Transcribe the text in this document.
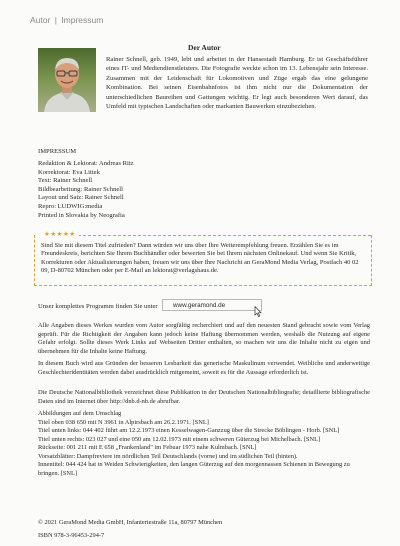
Autor | Impressum
Der Autor
Rainer Schnell, geb. 1949, lebt und arbeitet in der Hansestadt Hamburg. Er ist Geschäftsführer eines IT- und Mediendienstleisters. Die Fotografie weckte schon im 13. Lebensjahr sein Interesse. Zusammen mit der Leidenschaft für Lokomotiven und Züge ergab das eine gelungene Kombination. Bei seinen Eisenbahnfotos ist ihm nicht nur die Dokumentation der unterschiedlichen Baureihen und Gattungen wichtig. Er legt auch besonderen Wert darauf, das Umfeld mit typischen Landschaften oder markanten Bauwerken einzubeziehen.
IMPRESSUM
Redaktion & Lektorat: Andreas Ritz
Korrektorat: Eva Littek
Text: Rainer Schnell
Bildbearbeitung: Rainer Schnell
Layout und Satz: Rainer Schnell
Repro: LUDWIG:media
Printed in Slovakia by Neografia
★★★★★
Sind Sie mit diesem Titel zufrieden? Dann würden wir uns über Ihre Weiterempfehlung freuen. Erzählen Sie es im Freundeskreis, berichten Sie Ihrem Buchhändler oder bewerten Sie bei Ihrem nächsten Onlinekauf. Und wenn Sie Kritik, Korrekturen oder Aktualisierungen haben, freuen wir uns über Ihre Nachricht an GeraMond Media Verlag, Postfach 40 02 09, D-80702 München oder per E-Mail an lektorat@verlagshaus.de.
Unser komplettes Programm finden Sie unter	www.geramond.de
Alle Angaben dieses Werkes wurden vom Autor sorgfältig recherchiert und auf den neuesten Stand gebracht sowie vom Verlag geprüft. Für die Richtigkeit der Angaben kann jedoch keine Haftung übernommen werden, weshalb die Nutzung auf eigene Gefahr erfolgt. Sollte dieses Werk Links auf Webseiten Dritter enthalten, so machen wir uns die Inhalte nicht zu eigen und übernehmen für die Inhalte keine Haftung.
In diesem Buch wird aus Gründen der besseren Lesbarkeit das generische Maskulinum verwendet. Weibliche und anderweitige Geschlechteridentitäten werden dabei ausdrücklich mitgemeint, soweit es für die Aussage erforderlich ist.
Die Deutsche Nationalbibliothek verzeichnet diese Publikation in der Deutschen Nationalbibliografie; detaillierte bibliografische Daten sind im Internet über http://dnb.d-nb.de abrufbar.
Abbildungen auf dem Umschlag
Titel oben 038 650 mit N 3961 in Alpirsbach am 26.2.1971. [SNL]
Titel unten links: 044 402 führt am 12.2.1973 einen Kesselwagen-Ganzzug über die Strecke Böblingen - Horb. [SNL]
Titel unten rechts: 023 027 und eine 050 am 12.02.1973 mit einem schweren Güterzug bei Michelbach. [SNL]
Rückseite: 001 211 mit E 658 „Frankenland" im Febuar 1973 nahe Kulmbach. [SNL]
Vorsatzblätter: Dampfreviere im nördlichen Teil Deutschlands (vorne) und im südlichen Teil (hinten).
Innentitel: 044 424 hat in Weiden Schwierigkeiten, den langen Güterzug auf den morgennassen Schienen in Bewegung zu bringen. [SNL]
© 2021 GeraMond Media GmbH, Infanteriestraße 11a, 80797 München
ISBN 978-3-96453-294-7
